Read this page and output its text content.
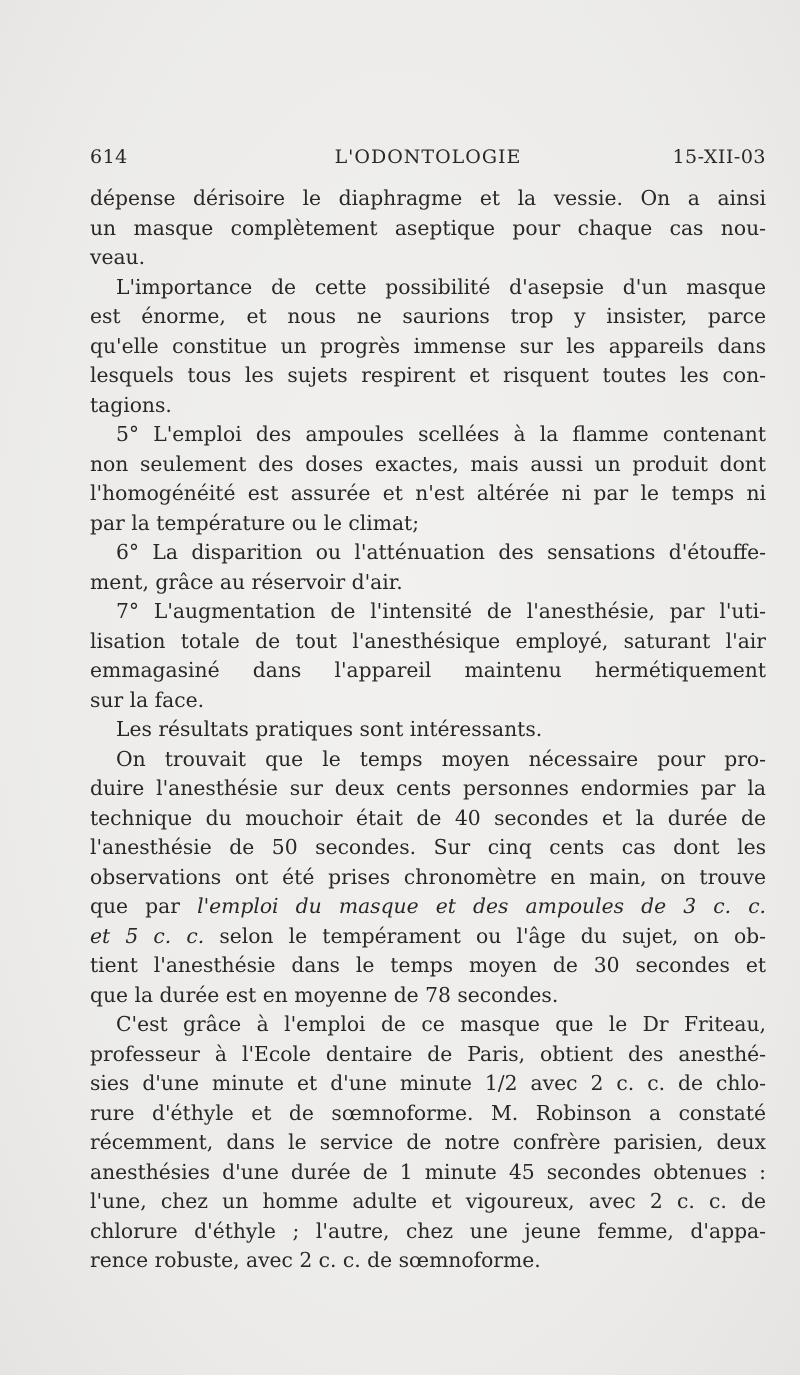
614	L'ODONTOLOGIE	15-XII-03
dépense dérisoire le diaphragme et la vessie. On a ainsi
un masque complètement aseptique pour chaque cas nou-
veau.
L'importance de cette possibilité d'asepsie d'un masque
est énorme, et nous ne saurions trop y insister, parce
qu'elle constitue un progrès immense sur les appareils dans
lesquels tous les sujets respirent et risquent toutes les con-
tagions.
5° L'emploi des ampoules scellées à la flamme contenant
non seulement des doses exactes, mais aussi un produit dont
l'homogénéité est assurée et n'est altérée ni par le temps ni
par la température ou le climat;
6° La disparition ou l'atténuation des sensations d'étouffe-
ment, grâce au réservoir d'air.
7° L'augmentation de l'intensité de l'anesthésie, par l'uti-
lisation totale de tout l'anesthésique employé, saturant l'air
emmagasiné dans l'appareil maintenu hermétiquement
sur la face.
Les résultats pratiques sont intéressants.
On trouvait que le temps moyen nécessaire pour pro-
duire l'anesthésie sur deux cents personnes endormies par la
technique du mouchoir était de 40 secondes et la durée de
l'anesthésie de 50 secondes. Sur cinq cents cas dont les
observations ont été prises chronomètre en main, on trouve
que par l'emploi du masque et des ampoules de 3 c. c.
et 5 c. c. selon le tempérament ou l'âge du sujet, on ob-
tient l'anesthésie dans le temps moyen de 30 secondes et
que la durée est en moyenne de 78 secondes.
C'est grâce à l'emploi de ce masque que le Dr Friteau,
professeur à l'Ecole dentaire de Paris, obtient des anesthé-
sies d'une minute et d'une minute 1/2 avec 2 c. c. de chlo-
rure d'éthyle et de sœmnoforme. M. Robinson a constaté
récemment, dans le service de notre confrère parisien, deux
anesthésies d'une durée de 1 minute 45 secondes obtenues :
l'une, chez un homme adulte et vigoureux, avec 2 c. c. de
chlorure d'éthyle ; l'autre, chez une jeune femme, d'appa-
rence robuste, avec 2 c. c. de sœmnoforme.
